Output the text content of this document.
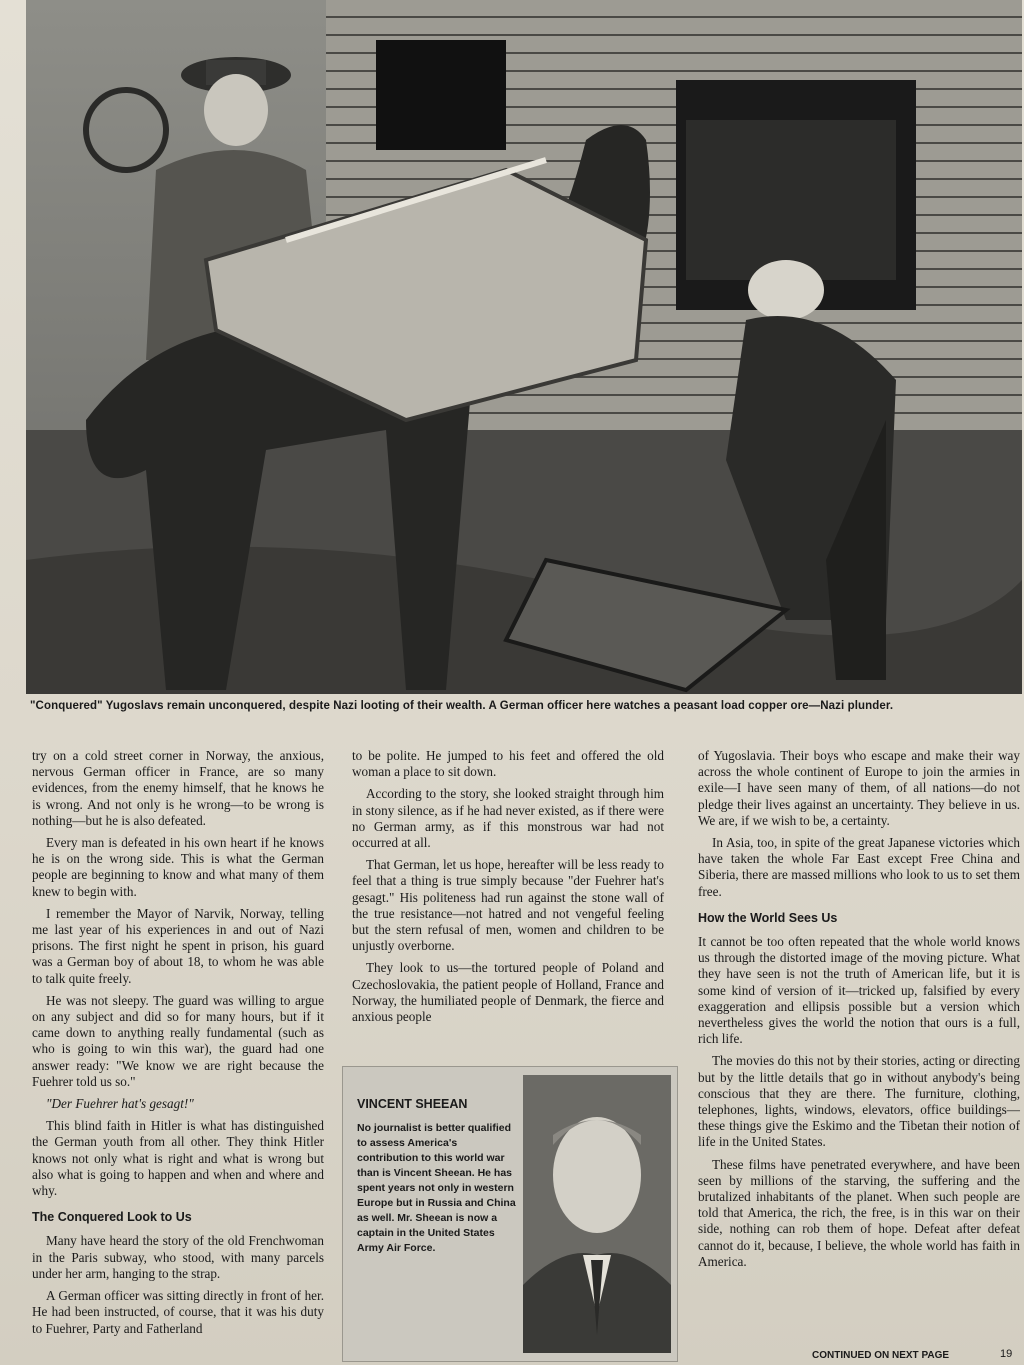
"Conquered" Yugoslavs remain unconquered, despite Nazi looting of their wealth. A German officer here watches a peasant load copper ore—Nazi plunder.

try on a cold street corner in Norway, the anxious, nervous German officer in France, are so many evidences, from the enemy himself, that he knows he is wrong. And not only is he wrong—to be wrong is nothing—but he is also defeated.

Every man is defeated in his own heart if he knows he is on the wrong side. This is what the German people are beginning to know and what many of them knew to begin with.

I remember the Mayor of Narvik, Norway, telling me last year of his experiences in and out of Nazi prisons. The first night he spent in prison, his guard was a German boy of about 18, to whom he was able to talk quite freely.

He was not sleepy. The guard was willing to argue on any subject and did so for many hours, but if it came down to anything really fundamental (such as who is going to win this war), the guard had one answer ready: "We know we are right because the Fuehrer told us so."

"Der Fuehrer hat's gesagt!"

This blind faith in Hitler is what has distinguished the German youth from all other. They think Hitler knows not only what is right and what is wrong but also what is going to happen and when and where and why.

The Conquered Look to Us

Many have heard the story of the old Frenchwoman in the Paris subway, who stood, with many parcels under her arm, hanging to the strap.

A German officer was sitting directly in front of her. He had been instructed, of course, that it was his duty to Fuehrer, Party and Fatherland

to be polite. He jumped to his feet and offered the old woman a place to sit down.

According to the story, she looked straight through him in stony silence, as if he had never existed, as if there were no German army, as if this monstrous war had not occurred at all.

That German, let us hope, hereafter will be less ready to feel that a thing is true simply because "der Fuehrer hat's gesagt." His politeness had run against the stone wall of the true resistance—not hatred and not vengeful feeling but the stern refusal of men, women and children to be unjustly overborne.

They look to us—the tortured people of Poland and Czechoslovakia, the patient people of Holland, France and Norway, the humiliated people of Denmark, the fierce and anxious people

of Yugoslavia. Their boys who escape and make their way across the whole continent of Europe to join the armies in exile—I have seen many of them, of all nations—do not pledge their lives against an uncertainty. They believe in us. We are, if we wish to be, a certainty.

In Asia, too, in spite of the great Japanese victories which have taken the whole Far East except Free China and Siberia, there are massed millions who look to us to set them free.

How the World Sees Us

It cannot be too often repeated that the whole world knows us through the distorted image of the moving picture. What they have seen is not the truth of American life, but it is some kind of version of it—tricked up, falsified by every exaggeration and ellipsis possible but a version which nevertheless gives the world the notion that ours is a full, rich life.

The movies do this not by their stories, acting or directing but by the little details that go in without anybody's being conscious that they are there. The furniture, clothing, telephones, lights, windows, elevators, office buildings—these things give the Eskimo and the Tibetan their notion of life in the United States.

These films have penetrated everywhere, and have been seen by millions of the starving, the suffering and the brutalized inhabitants of the planet. When such people are told that America, the rich, the free, is in this war on their side, nothing can rob them of hope. Defeat after defeat cannot do it, because, I believe, the whole world has faith in America.

VINCENT SHEEAN
No journalist is better qualified to assess America's contribution to this world war than is Vincent Sheean. He has spent years not only in western Europe but in Russia and China as well. Mr. Sheean is now a captain in the United States Army Air Force.
CONTINUED ON NEXT PAGE	19
